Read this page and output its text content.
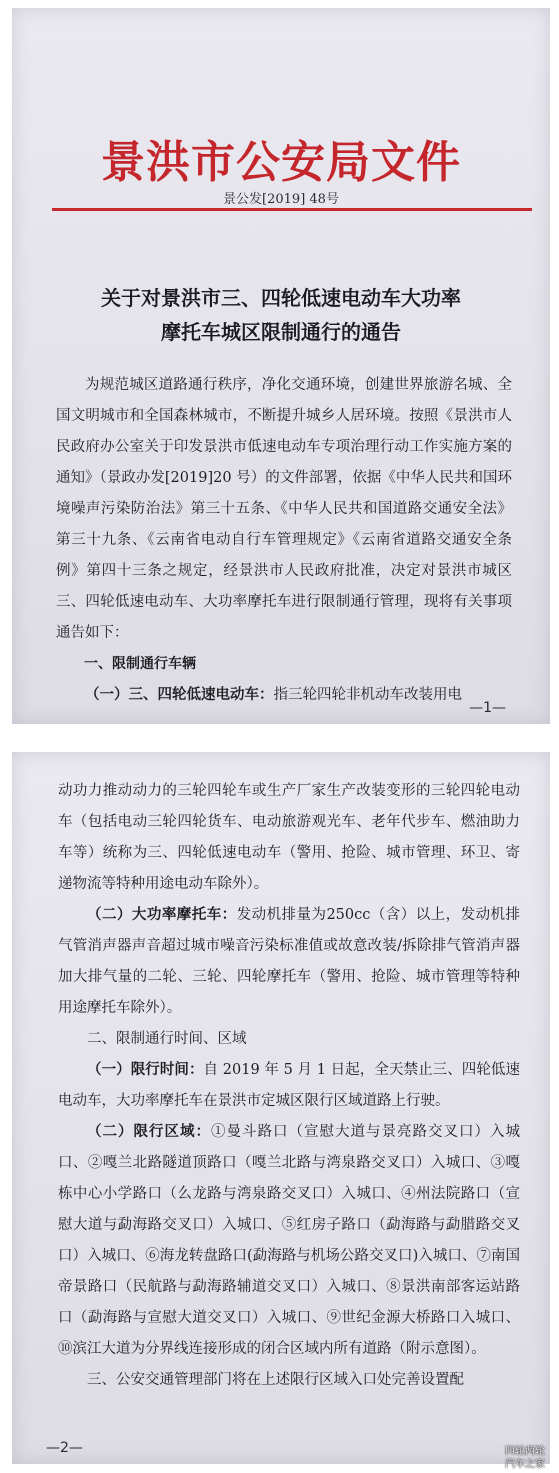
景洪市公安局文件
景公发[2019] 48号
关于对景洪市三、四轮低速电动车大功率
摩托车城区限制通行的通告

为规范城区道路通行秩序，净化交通环境，创建世界旅游名城、全国文明城市和全国森林城市，不断提升城乡人居环境。按照《景洪市人民政府办公室关于印发景洪市低速电动车专项治理行动工作实施方案的通知》（景政办发[2019]20 号）的文件部署，依据《中华人民共和国环境噪声污染防治法》第三十五条、《中华人民共和国道路交通安全法》第三十九条、《云南省电动自行车管理规定》《云南省道路交通安全条例》第四十三条之规定，经景洪市人民政府批准，决定对景洪市城区三、四轮低速电动车、大功率摩托车进行限制通行管理，现将有关事项通告如下：

一、限制通行车辆

（一）三、四轮低速电动车：指三轮四轮非机动车改装用电

—1—

动功力推动动力的三轮四轮车或生产厂家生产改装变形的三轮四轮电动车（包括电动三轮四轮货车、电动旅游观光车、老年代步车、燃油助力车等）统称为三、四轮低速电动车（警用、抢险、城市管理、环卫、寄递物流等特种用途电动车除外）。

（二）大功率摩托车：发动机排量为250cc（含）以上，发动机排气管消声器声音超过城市噪音污染标准值或故意改装/拆除排气管消声器加大排气量的二轮、三轮、四轮摩托车（警用、抢险、城市管理等特种用途摩托车除外）。

二、限制通行时间、区域

（一）限行时间：自 2019 年 5 月 1 日起，全天禁止三、四轮低速电动车，大功率摩托车在景洪市定城区限行区域道路上行驶。

（二）限行区域：①曼斗路口（宣慰大道与景亮路交叉口）入城口、②嘎兰北路隧道顶路口（嘎兰北路与湾泉路交叉口）入城口、③嘎栋中心小学路口（么龙路与湾泉路交叉口）入城口、④州法院路口（宣慰大道与勐海路交叉口）入城口、⑤红房子路口（勐海路与勐腊路交叉口）入城口、⑥海龙转盘路口(勐海路与机场公路交叉口)入城口、⑦南国帝景路口（民航路与勐海路辅道交叉口）入城口、⑧景洪南部客运站路口（勐海路与宣慰大道交叉口）入城口、⑨世纪金源大桥路口入城口、⑩滨江大道为分界线连接形成的闭合区域内所有道路（附示意图）。

三、公安交通管理部门将在上述限行区域入口处完善设置配

—2—	四轮两轮
汽车之家
